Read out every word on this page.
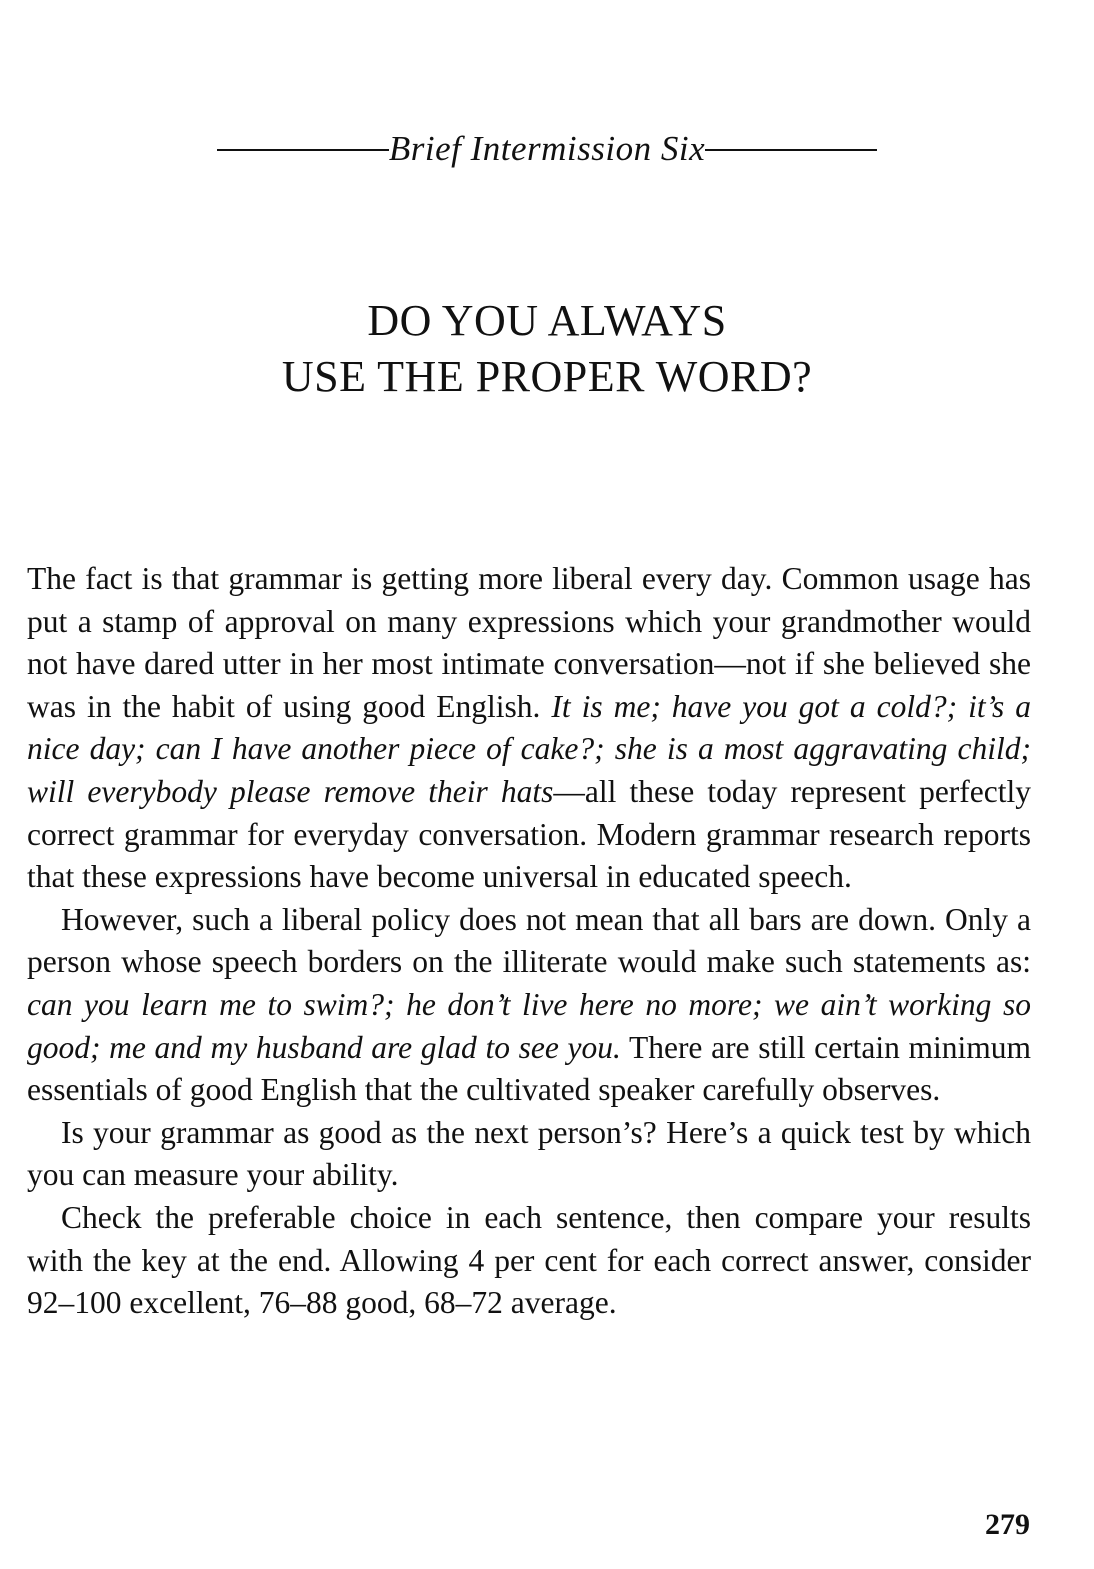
Brief Intermission Six
DO YOU ALWAYS
USE THE PROPER WORD?

The fact is that grammar is getting more liberal every day. Common usage has put a stamp of approval on many expressions which your grandmother would not have dared utter in her most intimate conversation—not if she believed she was in the habit of using good English. It is me; have you got a cold?; it’s a nice day; can I have another piece of cake?; she is a most aggravating child; will everybody please remove their hats—all these today represent perfectly correct grammar for everyday conversation. Modern grammar research reports that these expressions have become universal in educated speech.

However, such a liberal policy does not mean that all bars are down. Only a person whose speech borders on the illiterate would make such statements as: can you learn me to swim?; he don’t live here no more; we ain’t working so good; me and my husband are glad to see you. There are still certain minimum essentials of good English that the cultivated speaker carefully observes.

Is your grammar as good as the next person’s? Here’s a quick test by which you can measure your ability.

Check the preferable choice in each sentence, then compare your results with the key at the end. Allowing 4 per cent for each correct answer, consider 92–100 excellent, 76–88 good, 68–72 average.

279
